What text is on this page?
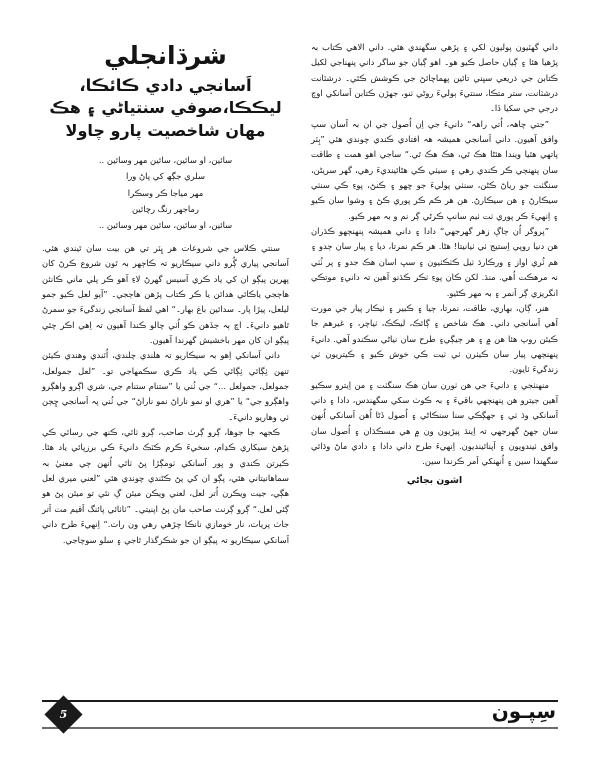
شرڌانجلي
اَسانجي دادي ڪائڪا،
ليڪڪا،صوفي سنتياڻي ۽ هڪ
مهان شاخصيت پارو چاولا
سائين، او سائين، سائين مهر وسائين ..
سلري جڳھ کي پاڻ ورا
مهر مياجا ڪر وسڪرا
رماجهر رنگ رچائين
سائين، او سائين، سائين مهر وسائين ..

سنتي ڪلاس جي شروعات هر ڀِٽر تي هن بيت سان ٿيندي هئي. اَسانجي پياري ڳُرو داني سيڪاريو تہ ڪاڄهر بہ ٿون شروع ڪرڻ کان پهرين پيڳو ان کي ياد ڪري آسيس گهرڻ لاءِ آهو ڪر پلي ماني ڪانئن هاڄجي ياڪائي هدائن يا ڪر ڪتاب پڙھن هاڄجي۔ ”آيو لعل ڪيو جمو ليلعل، پيڙا پار۔ سدائين باغ بهار۔“ اهي لفظ اَسانجي زندگيءَ جو سمرڻ ٿاهيو دانيءَ۔ اچ ٻہ جڏهن ڪو اُٺي چالو ڪندا آهيون تہ اِهي اڪر چئي پيڳو ان کان مهر باخشيش گهرندا آهيون.

داني اَسانکي اِهو بہ سيڪاريو تہ هلندي چلندي، اُٽندي وهندي ڪيئن تنهن ٺِڳائي ٺِڳائي ڪي ياد ڪري سڪمهاجي تو۔ ”لعل جمولعل، جمولعل، جمولعل ...“ جي ٺُني يا ”ستنام ستنام جي، شري اڳرو واهڳرو واهڳرو جي“ يا ”هري او نمو ناراڻ نمو ناراڻ“ جي ٺُني پہ اَسانجي ڇِڄن ٺي وهاريو دانيءَ۔

ڪجھہ جا جوها، ڳرو ڳرٺ صاحب، ڳرو ٺائي، ڪنھ جي رسائي ڪي پڙھڻ سيکاري ڪڍام، سخيءَ ڪرم ڪٽڪ دانيءَ ڪي برزپائي ياد هئا. ڪيرتن ڪندي و ڀور اَسانکي ٺومڳڙا پڻ ٺائي اُنھن ڄي معنيٰ بہ سماهانيتاني هئي، پڳو ان کي پڻ ڪڻندي چوندي هئي ”لعني ميري لعل هڳي، جيت ويڪرن اُتر لعل، لعني ويڪن ميئن ڳ نئي تو ميئن پڻ هو ڳئي لعل.“ ڳرو ڳرنٺ صاحب مان پڻ اپنيتي۔ ”ٺاٺائي پائنگ اَقيم مٺ اَتر جاٺ پريات، نار خومازي نانڪا چڙهي رهي ون رات.“ اِنھيءَ طرح داني اَسانکي سيڪاريو تہ پيڳو ان جو شڪرگذار ٿاجي ۽ سلو سوچاجي.

داني گهٽيون پوليون لکي ۽ پڙھي سگهندي هئي. داني الاهي ڪتاب بہ پڙھيا هئا ۽ ڳيان حاصل ڪيو هو۔ اهو ڳيان جو ساگر داني پنهناجي لکيل ڪتابن جي ذريعي سڀني تائين پهماچائڻ جي ڪوشش ڪئي۔ درشٽانت درشٽانت، ستر متڪا، سنتيءَ ٻوليءَ روڻي ٺنو، جهڙن ڪتابن اَسانکي اوچ درجي جي سکيا ڏا۔

”جتي چاهہ، اُتي راهہ“ دانيءَ جي اِن اُصول جي ان بہ اَسان سپ وافق آهيون. داني اَسانجي هميشہ هہ افتادي ڪندي چوندي هئي ”ٻِٽر پاتهي هٿيا ويندا هئڻا هڪ ٿي، هڪ هڪ ٿي.“ ساجي اهو همت ۽ طاقت سان پنهنڄي ڪر ڪندي رهي ۽ سيٺي ڪي هڻائينديءَ رهي، گهر سريڻن، سنگٺت جو رياڻ ڪڻن، سنٺي پوليءَ جو ڇهو ۽ ڪنڻ، پوءِ ڪي سنٺي سيڪارڻ ۽ هن سيڪارڻ. هن هر ڪم ڪر پوري ڪڻ ۽ وشوا سان ڪيو ۽ اِنهيءَ ڪر پوري ٺت ٺيم سانڀ ڪرڻي ڳر نم و بہ مهر ڪيو.

”پروگر اُن ڄاڳ زهر گهرجهي“ دادا ۽ داني هميشہ پنهنڄهو ڪڌران هن دنيا روپي اِستيج ٺي ٺيانيتا! هڻا. هر ڪم نمرتا، ديا ۽ پيار سان ڄدو ۽ هم ٺُري اواز ۽ ورڪارڌ ٺيل ڪٺڪٺيون ۽ سڀ اسان هڪ جدو ۽ پر ٺُٺي نہ مرهڪت اُهي. منڌ. لکن ڪان پوءِ ٺڪر ڪڌنو آهين تہ داني۽ موتڪي انگريزي ڳر اَنمر ۽ بہ مهر ڪڻيو.

هنر، ڳان، بهاري، طاقت، نمرتا، ڄيا ۽ ڪبير ۽ ٺيڪار پيار جي مورت اَهي اَسانجي داني۔ هڪ شاخص ۽ ڳائڪ، ليڪڪ، ٺياچر، ۽ غيرهم جا ڪيئن روپ هئا هن ۾ ۽ هر ڄيڳي۽ طرح سان نياڻي سڪندو آهي. دانيءَ پنهنڄهي پيار سان ڪيٺرن ٺي ٺيت ڪي خوش ڪيو ۽ ڪيتريون ٺي زندگيءَ ٺايون.

منهنٺجي ۽ دانيءَ جي هن ٺورن سان هڪ سنگٺت ۽ من اِيترو سڪيو آهين جيترو هن پنهنڄهي باقيءَ ۽ بہ ڪوٺ سکي سگهندس، دادا ۽ داني اَسانکي وڌ ٺي ۽ جهڳڪي سنا سنڪاڻي ۽ اُصول ڏڻا اُهن اَسانکي اُنھن سان جهڻ گهرجهي تہ اِينڌ پيڙيون ون ۾ هي مسڪڌان ۽ اُصول سان وافق ٺيندويون ۽ اَپنائينديون. اِنھيءَ طرح داني دادا ۽ دادي ماڻ وڌائي سگهندا سين ۽ اُنھنکي اَمر ڪرندا سين.

اشون بجاڻي
5	سِپـون
